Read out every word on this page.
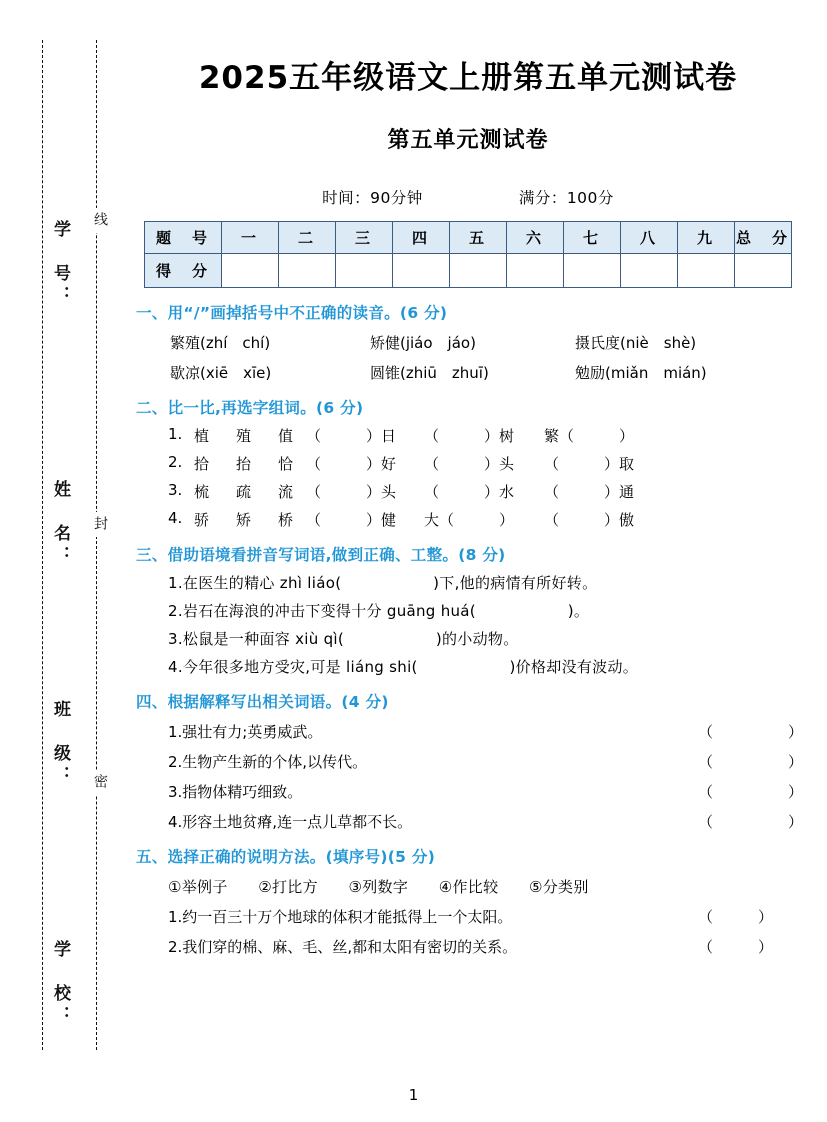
学　号：
姓　名：
班　级：
学　校：
线
封
密
2025五年级语文上册第五单元测试卷
第五单元测试卷
时间：90分钟	满分：100分
题　号	一	二	三	四	五	六	七	八	九	总　分
得　分										
一、用“/”画掉括号中不正确的读音。(6 分)
繁殖(zhí　chí)	矫健(jiáo　jáo)	摄氏度(niè　shè)
歇凉(xiē　xīe)	圆锥(zhiū　zhuī)	勉励(miǎn　mián)
二、比一比,再选字组词。(6 分)
1. 植　殖　值 （　　　）日	（　　　）树	繁（　　　）
2. 拾　抬　恰 （　　　）好	（　　　）头	（　　　）取
3. 梳　疏　流 （　　　）头	（　　　）水	（　　　）通
4. 骄　矫　桥 （　　　）健	大（　　　）	（　　　）傲
三、借助语境看拼音写词语,做到正确、工整。(8 分)
1.在医生的精心 zhì liáo(　　　　　　)下,他的病情有所好转。
2.岩石在海浪的冲击下变得十分 guāng huá(　　　　　　)。
3.松鼠是一种面容 xiù qì(　　　　　　)的小动物。
4.今年很多地方受灾,可是 liáng shi(　　　　　　)价格却没有波动。
四、根据解释写出相关词语。(4 分)
1.强壮有力;英勇威武。	（　　　　　）
2.生物产生新的个体,以传代。	（　　　　　）
3.指物体精巧细致。	（　　　　　）
4.形容土地贫瘠,连一点儿草都不长。	（　　　　　）
五、选择正确的说明方法。(填序号)(5 分)
①举例子　　②打比方　　③列数字　　④作比较　　⑤分类别
1.约一百三十万个地球的体积才能抵得上一个太阳。	（　　　）
2.我们穿的棉、麻、毛、丝,都和太阳有密切的关系。	（　　　）
1
